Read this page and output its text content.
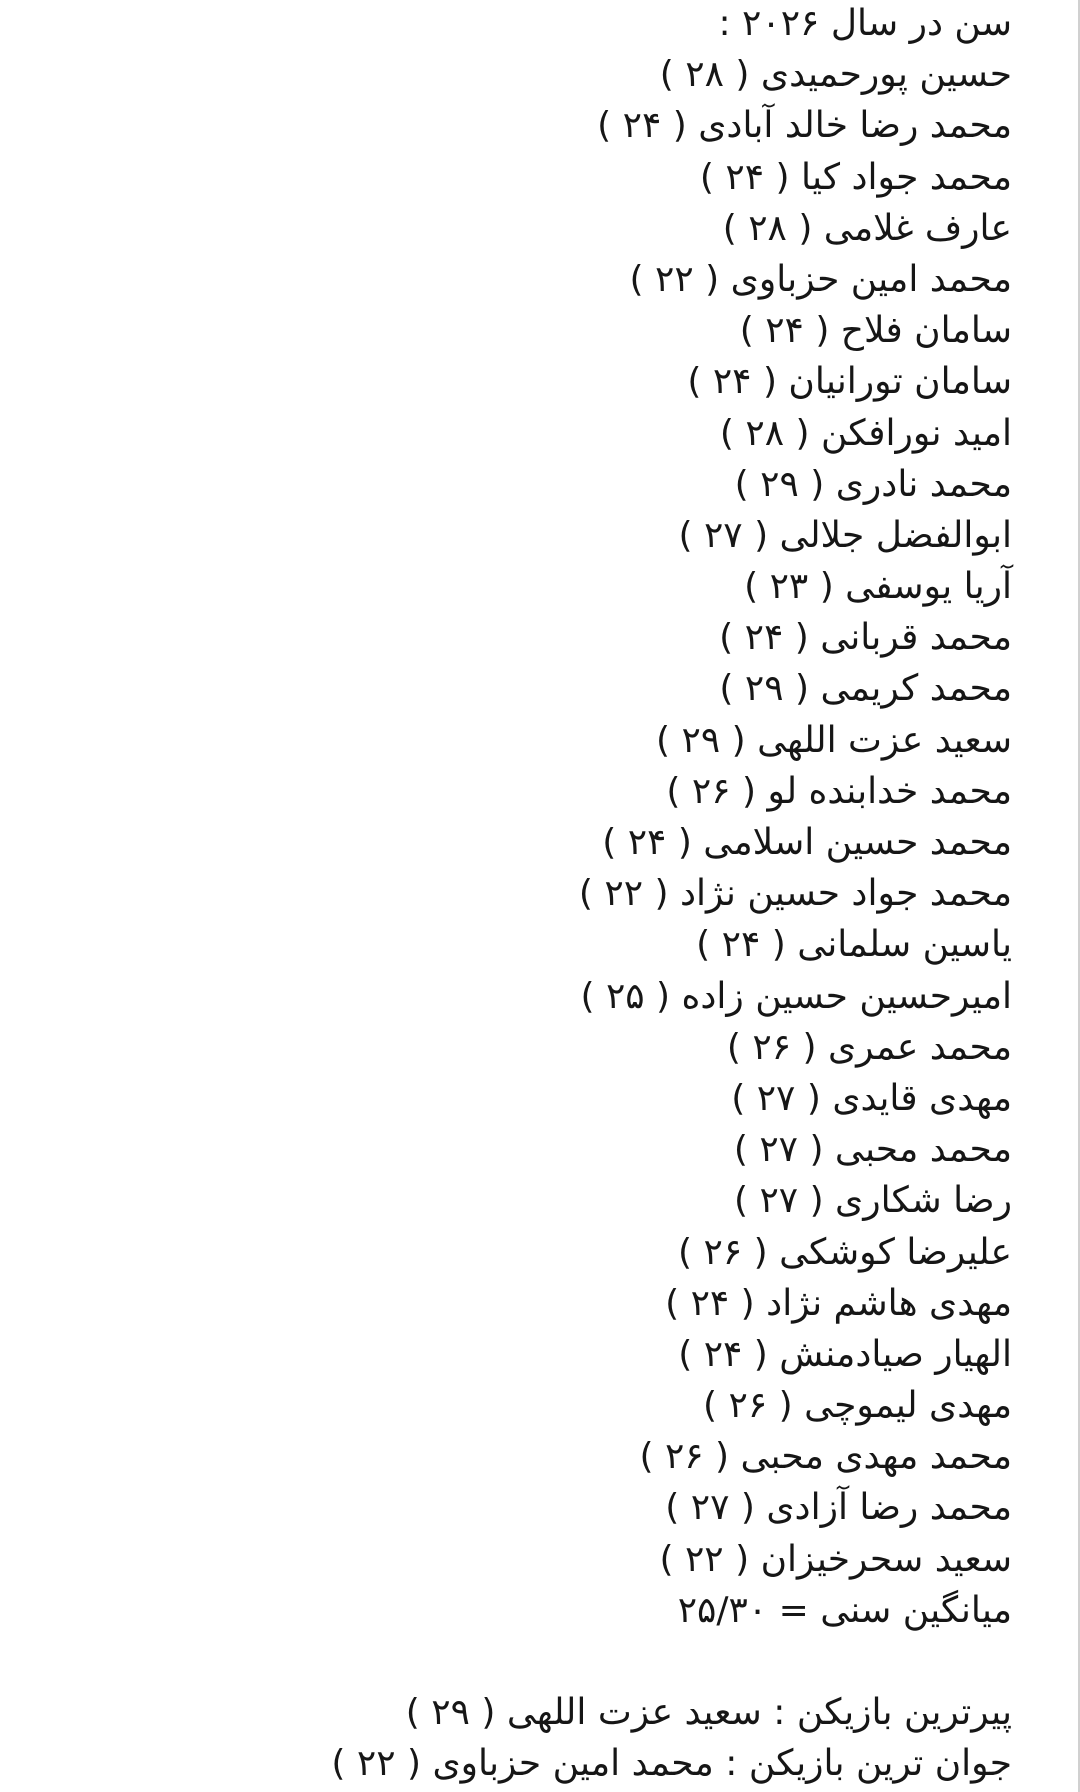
سن در سال ۲۰۲۶ :
حسین پورحمیدی ( ۲۸ )
محمد رضا خالد آبادی ( ۲۴ )
محمد جواد کیا ( ۲۴ )
عارف غلامی ( ۲۸ )
محمد امین حزباوی ( ۲۲ )
سامان فلاح ( ۲۴ )
سامان تورانیان ( ۲۴ )
امید نورافکن ( ۲۸ )
محمد نادری ( ۲۹ )
ابوالفضل جلالی ( ۲۷ )
آریا یوسفی ( ۲۳ )
محمد قربانی ( ۲۴ )
محمد کریمی ( ۲۹ )
سعید عزت اللهی ( ۲۹ )
محمد خدابنده لو ( ۲۶ )
محمد حسین اسلامی ( ۲۴ )
محمد جواد حسین نژاد ( ۲۲ )
یاسین سلمانی ( ۲۴ )
امیرحسین حسین زاده ( ۲۵ )
محمد عمری ( ۲۶ )
مهدی قایدی ( ۲۷ )
محمد محبی ( ۲۷ )
رضا شکاری ( ۲۷ )
علیرضا کوشکی ( ۲۶ )
مهدی هاشم نژاد ( ۲۴ )
الهیار صیادمنش ( ۲۴ )
مهدی لیموچی ( ۲۶ )
محمد مهدی محبی ( ۲۶ )
محمد رضا آزادی ( ۲۷ )
سعید سحرخیزان ( ۲۲ )
میانگین سنی = ۲۵/۳۰
پیرترین بازیکن : سعید عزت اللهی ( ۲۹ )
جوان ترین بازیکن : محمد امین حزباوی ( ۲۲ )
